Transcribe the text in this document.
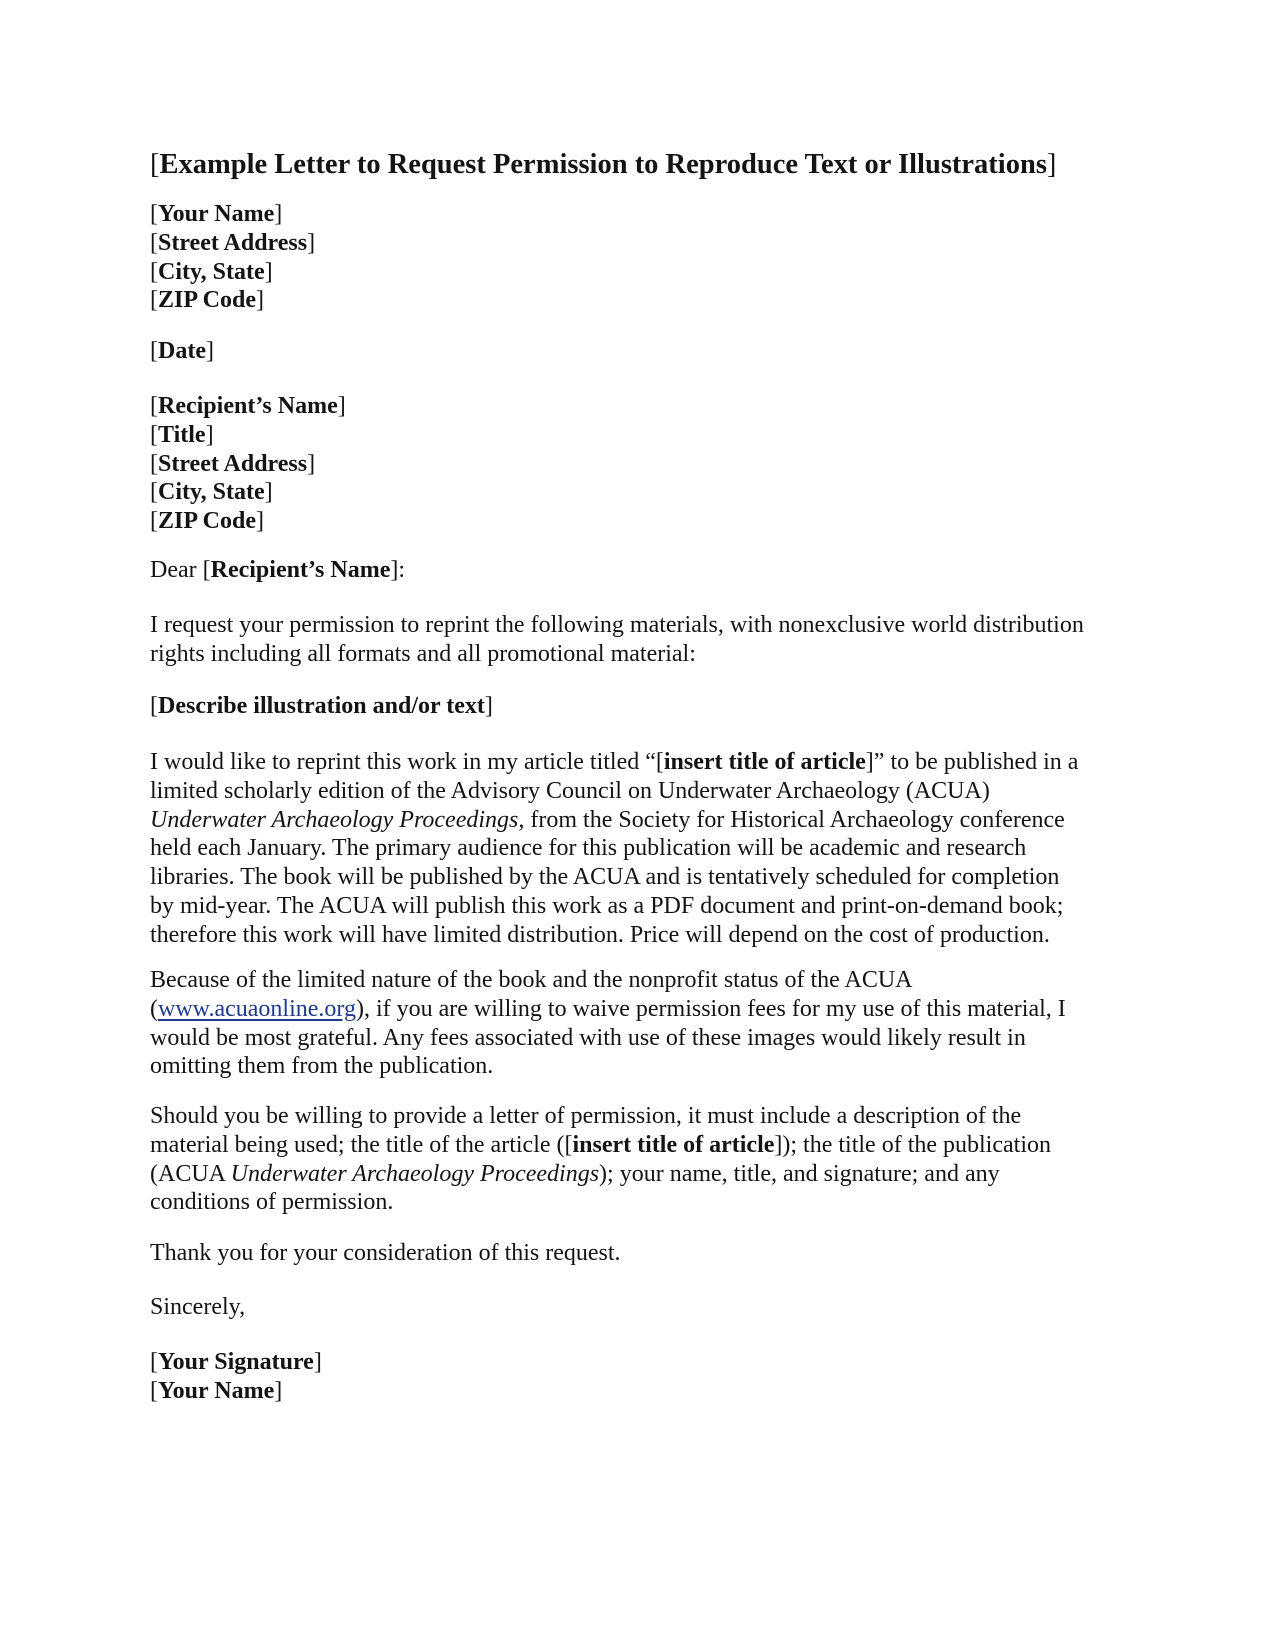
[Example Letter to Request Permission to Reproduce Text or Illustrations]
[Your Name]
[Street Address]
[City, State]
[ZIP Code]
[Date]
[Recipient’s Name]
[Title]
[Street Address]
[City, State]
[ZIP Code]
Dear [Recipient’s Name]:
I request your permission to reprint the following materials, with nonexclusive world distribution
rights including all formats and all promotional material:
[Describe illustration and/or text]
I would like to reprint this work in my article titled “[insert title of article]” to be published in a
limited scholarly edition of the Advisory Council on Underwater Archaeology (ACUA)
Underwater Archaeology Proceedings, from the Society for Historical Archaeology conference
held each January. The primary audience for this publication will be academic and research
libraries. The book will be published by the ACUA and is tentatively scheduled for completion
by mid-year. The ACUA will publish this work as a PDF document and print-on-demand book;
therefore this work will have limited distribution. Price will depend on the cost of production.
Because of the limited nature of the book and the nonprofit status of the ACUA
(www.acuaonline.org), if you are willing to waive permission fees for my use of this material, I
would be most grateful. Any fees associated with use of these images would likely result in
omitting them from the publication.
Should you be willing to provide a letter of permission, it must include a description of the
material being used; the title of the article ([insert title of article]); the title of the publication
(ACUA Underwater Archaeology Proceedings); your name, title, and signature; and any
conditions of permission.
Thank you for your consideration of this request.
Sincerely,
[Your Signature]
[Your Name]
